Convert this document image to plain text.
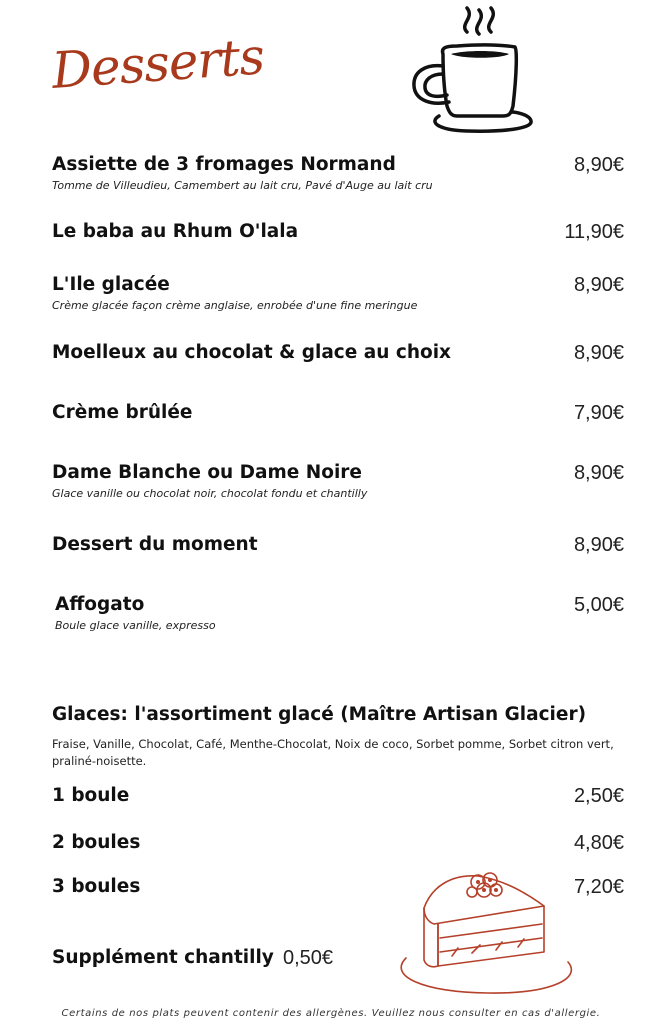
Desserts
Assiette de 3 fromages Normand	8,90€
Tomme de Villeudieu, Camembert au lait cru, Pavé d'Auge au lait cru
Le baba au Rhum O'lala	11,90€
L'Ile glacée	8,90€
Crème glacée façon crème anglaise, enrobée d'une fine meringue
Moelleux au chocolat & glace au choix	8,90€
Crème brûlée	7,90€
Dame Blanche ou Dame Noire	8,90€
Glace vanille ou chocolat noir, chocolat fondu et chantilly
Dessert du moment	8,90€
Affogato	5,00€
Boule glace vanille, expresso
Glaces: l'assortiment glacé (Maître Artisan Glacier)
Fraise, Vanille, Chocolat, Café, Menthe-Chocolat, Noix de coco, Sorbet pomme, Sorbet citron vert, praliné-noisette.
1 boule	2,50€
2 boules	4,80€
3 boules	7,20€
Supplément chantilly 0,50€
Certains de nos plats peuvent contenir des allergènes. Veuillez nous consulter en cas d'allergie.
